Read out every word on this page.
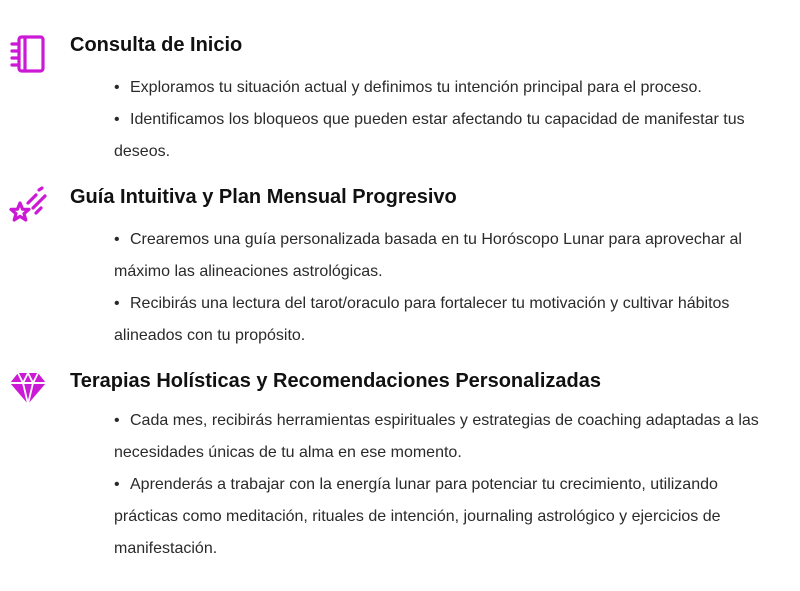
Consulta de Inicio

• Exploramos tu situación actual y definimos tu intención principal para el proceso.

• Identificamos los bloqueos que pueden estar afectando tu capacidad de manifestar tus deseos.

Guía Intuitiva y Plan Mensual Progresivo

• Crearemos una guía personalizada basada en tu Horóscopo Lunar para aprovechar al máximo las alineaciones astrológicas.

• Recibirás una lectura del tarot/oraculo para fortalecer tu motivación y cultivar hábitos alineados con tu propósito.

Terapias Holísticas y Recomendaciones Personalizadas

• Cada mes, recibirás herramientas espirituales y estrategias de coaching adaptadas a las necesidades únicas de tu alma en ese momento.

• Aprenderás a trabajar con la energía lunar para potenciar tu crecimiento, utilizando prácticas como meditación, rituales de intención, journaling astrológico y ejercicios de manifestación.
